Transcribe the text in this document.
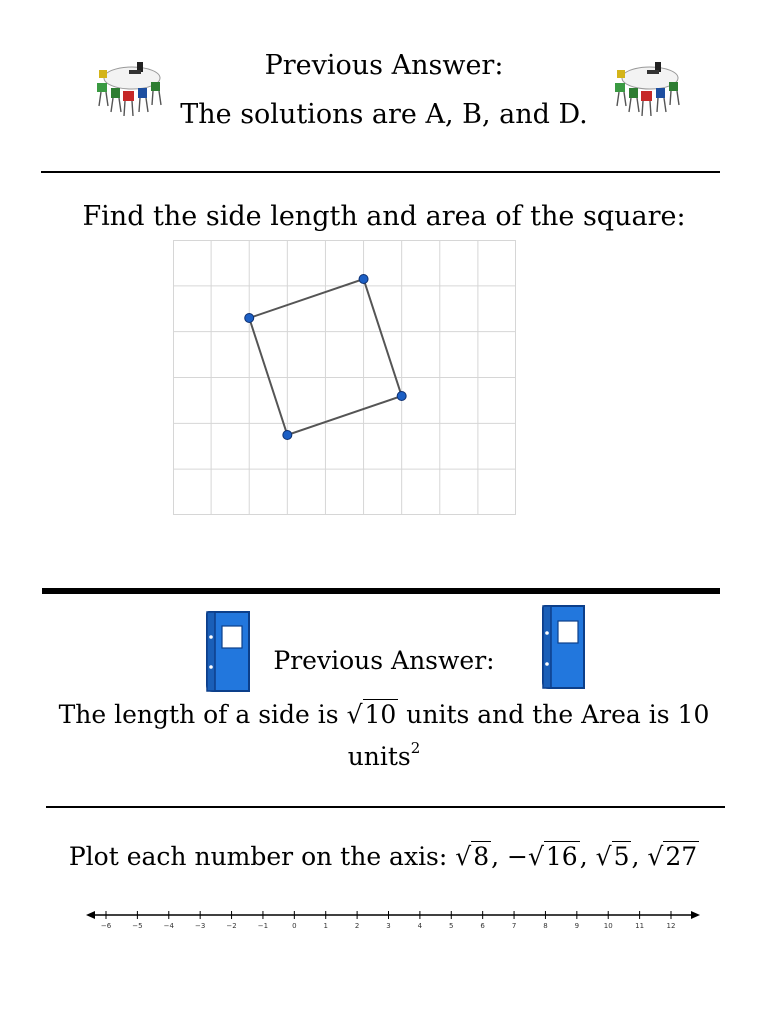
Previous Answer:
The solutions are A, B, and D.
Find the side length and area of the square:
Previous Answer:
The length of a side is √10 units and the Area is 10
units$^2$
Plot each number on the axis: √8, −√16, √5, √27
−6	−5	−4	−3	−2	−1	0	1	2	3	4	5	6	7	8	9	10	11	12
